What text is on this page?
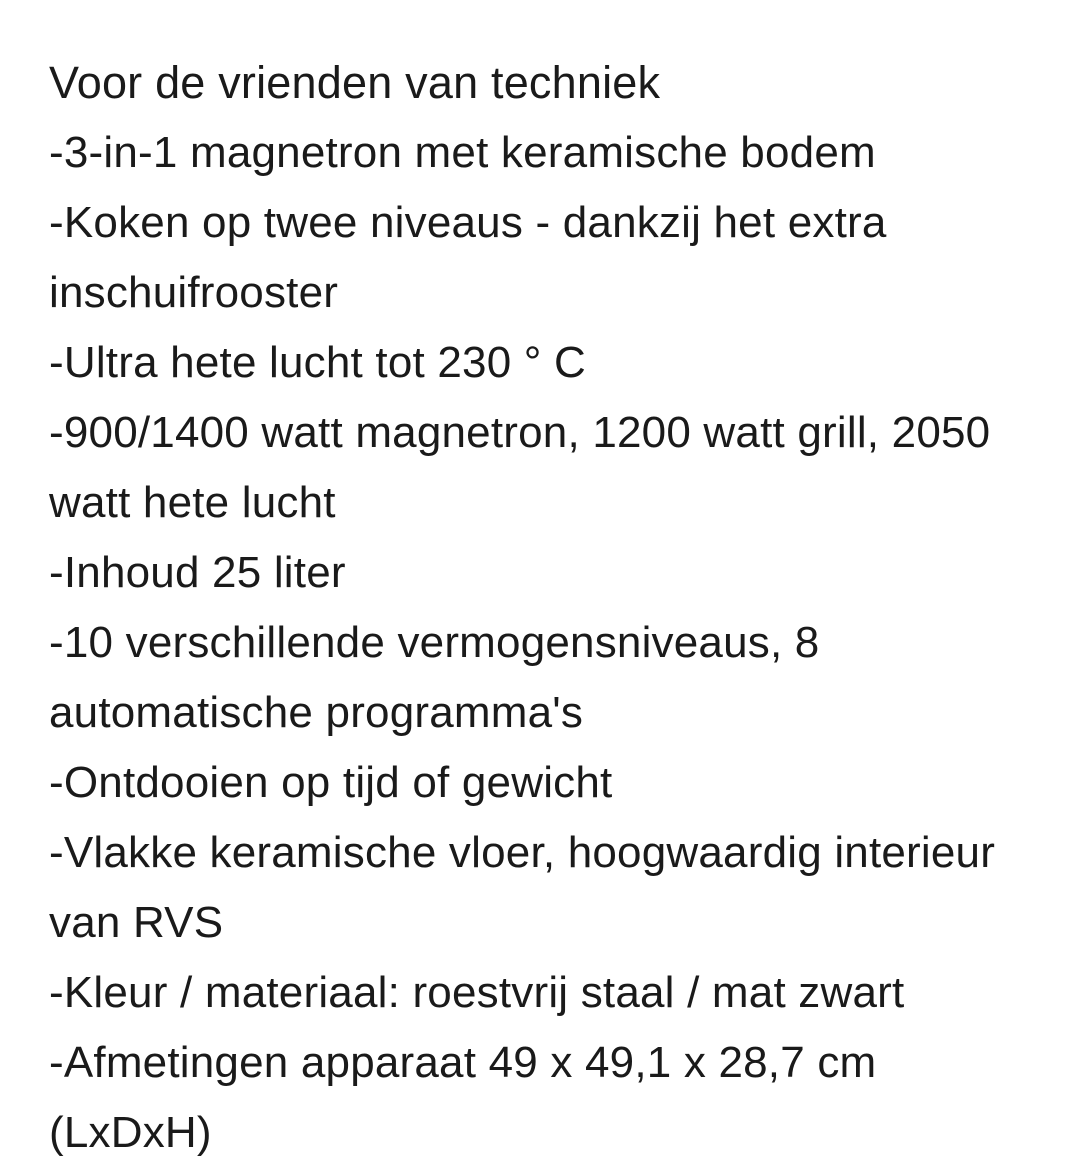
Voor de vrienden van techniek
-3-in-1 magnetron met keramische bodem
-Koken op twee niveaus - dankzij het extra inschuifrooster
-Ultra hete lucht tot 230 ° C
-900/1400 watt magnetron, 1200 watt grill, 2050 watt hete lucht
-Inhoud 25 liter
-10 verschillende vermogensniveaus, 8 automatische programma's
-Ontdooien op tijd of gewicht
-Vlakke keramische vloer, hoogwaardig interieur van RVS
-Kleur / materiaal: roestvrij staal / mat zwart
-Afmetingen apparaat 49 x 49,1 x 28,7 cm (LxDxH)
